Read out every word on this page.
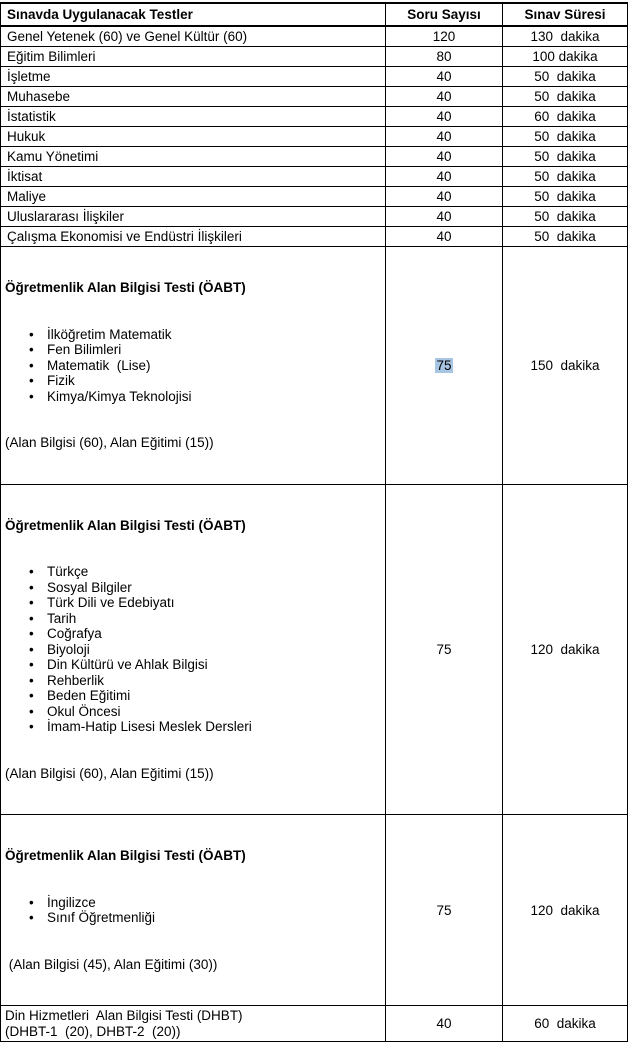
Sınavda Uygulanacak Testler	Soru Sayısı	Sınav Süresi
Genel Yetenek (60) ve Genel Kültür (60)	120	130  dakika
Eğitim Bilimleri	80	100 dakika
İşletme	40	50  dakika
Muhasebe	40	50  dakika
İstatistik	40	60  dakika
Hukuk	40	50  dakika
Kamu Yönetimi	40	50  dakika
İktisat	40	50  dakika
Maliye	40	50  dakika
Uluslararası İlişkiler	40	50  dakika
Çalışma Ekonomisi ve Endüstri İlişkileri	40	50  dakika

Öğretmenlik Alan Bilgisi Testi (ÖABT)

• İlköğretim Matematik
• Fen Bilimleri
• Matematik  (Lise)
• Fizik
• Kimya/Kimya Teknolojisi

(Alan Bilgisi (60), Alan Eğitimi (15))

	75	150  dakika

Öğretmenlik Alan Bilgisi Testi (ÖABT)

• Türkçe
• Sosyal Bilgiler
• Türk Dili ve Edebiyatı
• Tarih
• Coğrafya
• Biyoloji
• Din Kültürü ve Ahlak Bilgisi
• Rehberlik
• Beden Eğitimi
• Okul Öncesi
• İmam-Hatip Lisesi Meslek Dersleri

(Alan Bilgisi (60), Alan Eğitimi (15))

	75	120  dakika

Öğretmenlik Alan Bilgisi Testi (ÖABT)

• İngilizce
• Sınıf Öğretmenliği

(Alan Bilgisi (45), Alan Eğitimi (30))

	75	120  dakika

Din Hizmetleri  Alan Bilgisi Testi (DHBT)
(DHBT-1  (20), DHBT-2  (20))	40	60  dakika
